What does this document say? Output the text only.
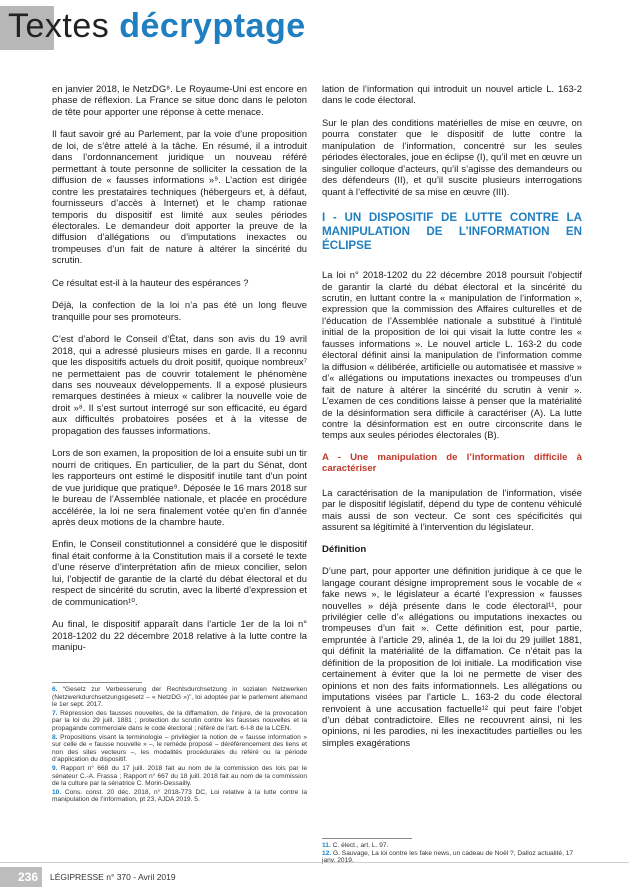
Textes décryptage

en janvier 2018, le NetzDG⁸. Le Royaume-Uni est encore en phase de réflexion. La France se situe donc dans le peloton de tête pour apporter une réponse à cette menace.

Il faut savoir gré au Parlement, par la voie d’une proposition de loi, de s’être attelé à la tâche. En résumé, il a introduit dans l’ordonnancement juridique un nouveau référé permettant à toute personne de solliciter la cessation de la diffusion de « fausses informations »⁹. L’action est dirigée contre les prestataires techniques (hébergeurs et, à défaut, fournisseurs d’accès à Internet) et le champ rationae temporis du dispositif est limité aux seules périodes électorales. Le demandeur doit apporter la preuve de la diffusion d’allégations ou d’imputations inexactes ou trompeuses d’un fait de nature à altérer la sincérité du scrutin.

Ce résultat est-il à la hauteur des espérances ?

Déjà, la confection de la loi n’a pas été un long fleuve tranquille pour ses promoteurs.

C’est d’abord le Conseil d’État, dans son avis du 19 avril 2018, qui a adressé plusieurs mises en garde. Il a reconnu que les dispositifs actuels du droit positif, quoique nombreux⁷ ne permettaient pas de couvrir totalement le phénomène dans ses nouveaux développements. Il a exposé plusieurs remarques destinées à mieux « calibrer la nouvelle voie de droit »⁸. Il s’est surtout interrogé sur son efficacité, eu égard aux difficultés probatoires posées et à la vitesse de propagation des fausses informations.

Lors de son examen, la proposition de loi a ensuite subi un tir nourri de critiques. En particulier, de la part du Sénat, dont les rapporteurs ont estimé le dispositif inutile tant d’un point de vue juridique que pratique⁹. Déposée le 16 mars 2018 sur le bureau de l’Assemblée nationale, et placée en procédure accélérée, la loi ne sera finalement votée qu’en fin d’année après deux motions de la chambre haute.

Enfin, le Conseil constitutionnel a considéré que le dispositif final était conforme à la Constitution mais il a corseté le texte d’une réserve d’interprétation afin de mieux concilier, selon lui, l’objectif de garantie de la clarté du débat électoral et du respect de sincérité du scrutin, avec la liberté d’expression et de communication¹⁰.

Au final, le dispositif apparaît dans l’article 1er de la loi n° 2018-1202 du 22 décembre 2018 relative à la lutte contre la manipu-

lation de l’information qui introduit un nouvel article L. 163-2 dans le code électoral.

Sur le plan des conditions matérielles de mise en œuvre, on pourra constater que le dispositif de lutte contre la manipulation de l’information, concentré sur les seules périodes électorales, joue en éclipse (I), qu’il met en œuvre un singulier colloque d’acteurs, qu’il s’agisse des demandeurs ou des défendeurs (II), et qu’il suscite plusieurs interrogations quant à l’effectivité de sa mise en œuvre (III).

I - UN DISPOSITIF DE LUTTE CONTRE LA MANIPULATION DE L’INFORMATION EN ÉCLIPSE

La loi n° 2018-1202 du 22 décembre 2018 poursuit l’objectif de garantir la clarté du débat électoral et la sincérité du scrutin, en luttant contre la « manipulation de l’information », expression que la commission des Affaires culturelles et de l’éducation de l’Assemblée nationale a substitué à l’intitulé initial de la proposition de loi qui visait la lutte contre les « fausses informations ». Le nouvel article L. 163-2 du code électoral définit ainsi la manipulation de l’information comme la diffusion « délibérée, artificielle ou automatisée et massive » d’« allégations ou imputations inexactes ou trompeuses d’un fait de nature à altérer la sincérité du scrutin à venir ». L’examen de ces conditions laisse à penser que la matérialité de la désinformation sera difficile à caractériser (A). La lutte contre la désinformation est en outre circonscrite dans le temps aux seules périodes électorales (B).

A - Une manipulation de l’information difficile à caractériser

La caractérisation de la manipulation de l’information, visée par le dispositif législatif, dépend du type de contenu véhiculé mais aussi de son vecteur. Ce sont ces spécificités qui assurent sa légitimité à l’intervention du législateur.

Définition

D’une part, pour apporter une définition juridique à ce que le langage courant désigne improprement sous le vocable de « fake news », le législateur a écarté l’expression « fausses nouvelles » déjà présente dans le code électoral¹¹, pour privilégier celle d’« allégations ou imputations inexactes ou trompeuses d’un fait ». Cette définition est, pour partie, empruntée à l’article 29, alinéa 1, de la loi du 29 juillet 1881, qui définit la matérialité de la diffamation. Ce n’était pas la définition de la proposition de loi initiale. La modification vise certainement à éviter que la loi ne permette de viser des opinions et non des faits informationnels. Les allégations ou imputations visées par l’article L. 163-2 du code électoral renvoient à une accusation factuelle¹² qui peut faire l’objet d’un débat contradictoire. Elles ne recouvrent ainsi, ni les opinions, ni les parodies, ni les inexactitudes partielles ou les simples exagérations

6. “Gesetz zur Verbesserung der Rechtsdurchsetzung in sozialen Netzwerken (Netzwerkdurchsetzungsgesetz – « NetzDG »)”, loi adoptée par le parlement allemand le 1er sept. 2017.
7. Répression des fausses nouvelles, de la diffamation, de l’injure, de la provocation par la loi du 29 juill. 1881 ; protection du scrutin contre les fausses nouvelles et la propagande commerciale dans le code électoral ; référé de l’art. 6-I-8 de la LCEN.
8. Propositions visant la terminologie – privilégier la notion de « fausse information » sur celle de « fausse nouvelle » –, le remède proposé – déréférencement des liens et non des sites vecteurs –, les modalités procédurales du référé ou la période d’application du dispositif.
9. Rapport n° 668 du 17 juill. 2018 fait au nom de la commission des lois par le sénateur C.-A. Frassa ; Rapport n° 667 du 18 juill. 2018 fait au nom de la commission de la culture par la sénatrice C. Morin-Dessailly.
10. Cons. const. 20 déc. 2018, n° 2018-773 DC, Loi relative à la lutte contre la manipulation de l’information, pt 23, AJDA 2019. 5.
11. C. élect., art. L. 97.
12. G. Sauvage, La loi contre les fake news, un cadeau de Noël ?, Dalloz actualité, 17 janv. 2019.
236	LÉGIPRESSE n° 370 - Avril 2019
